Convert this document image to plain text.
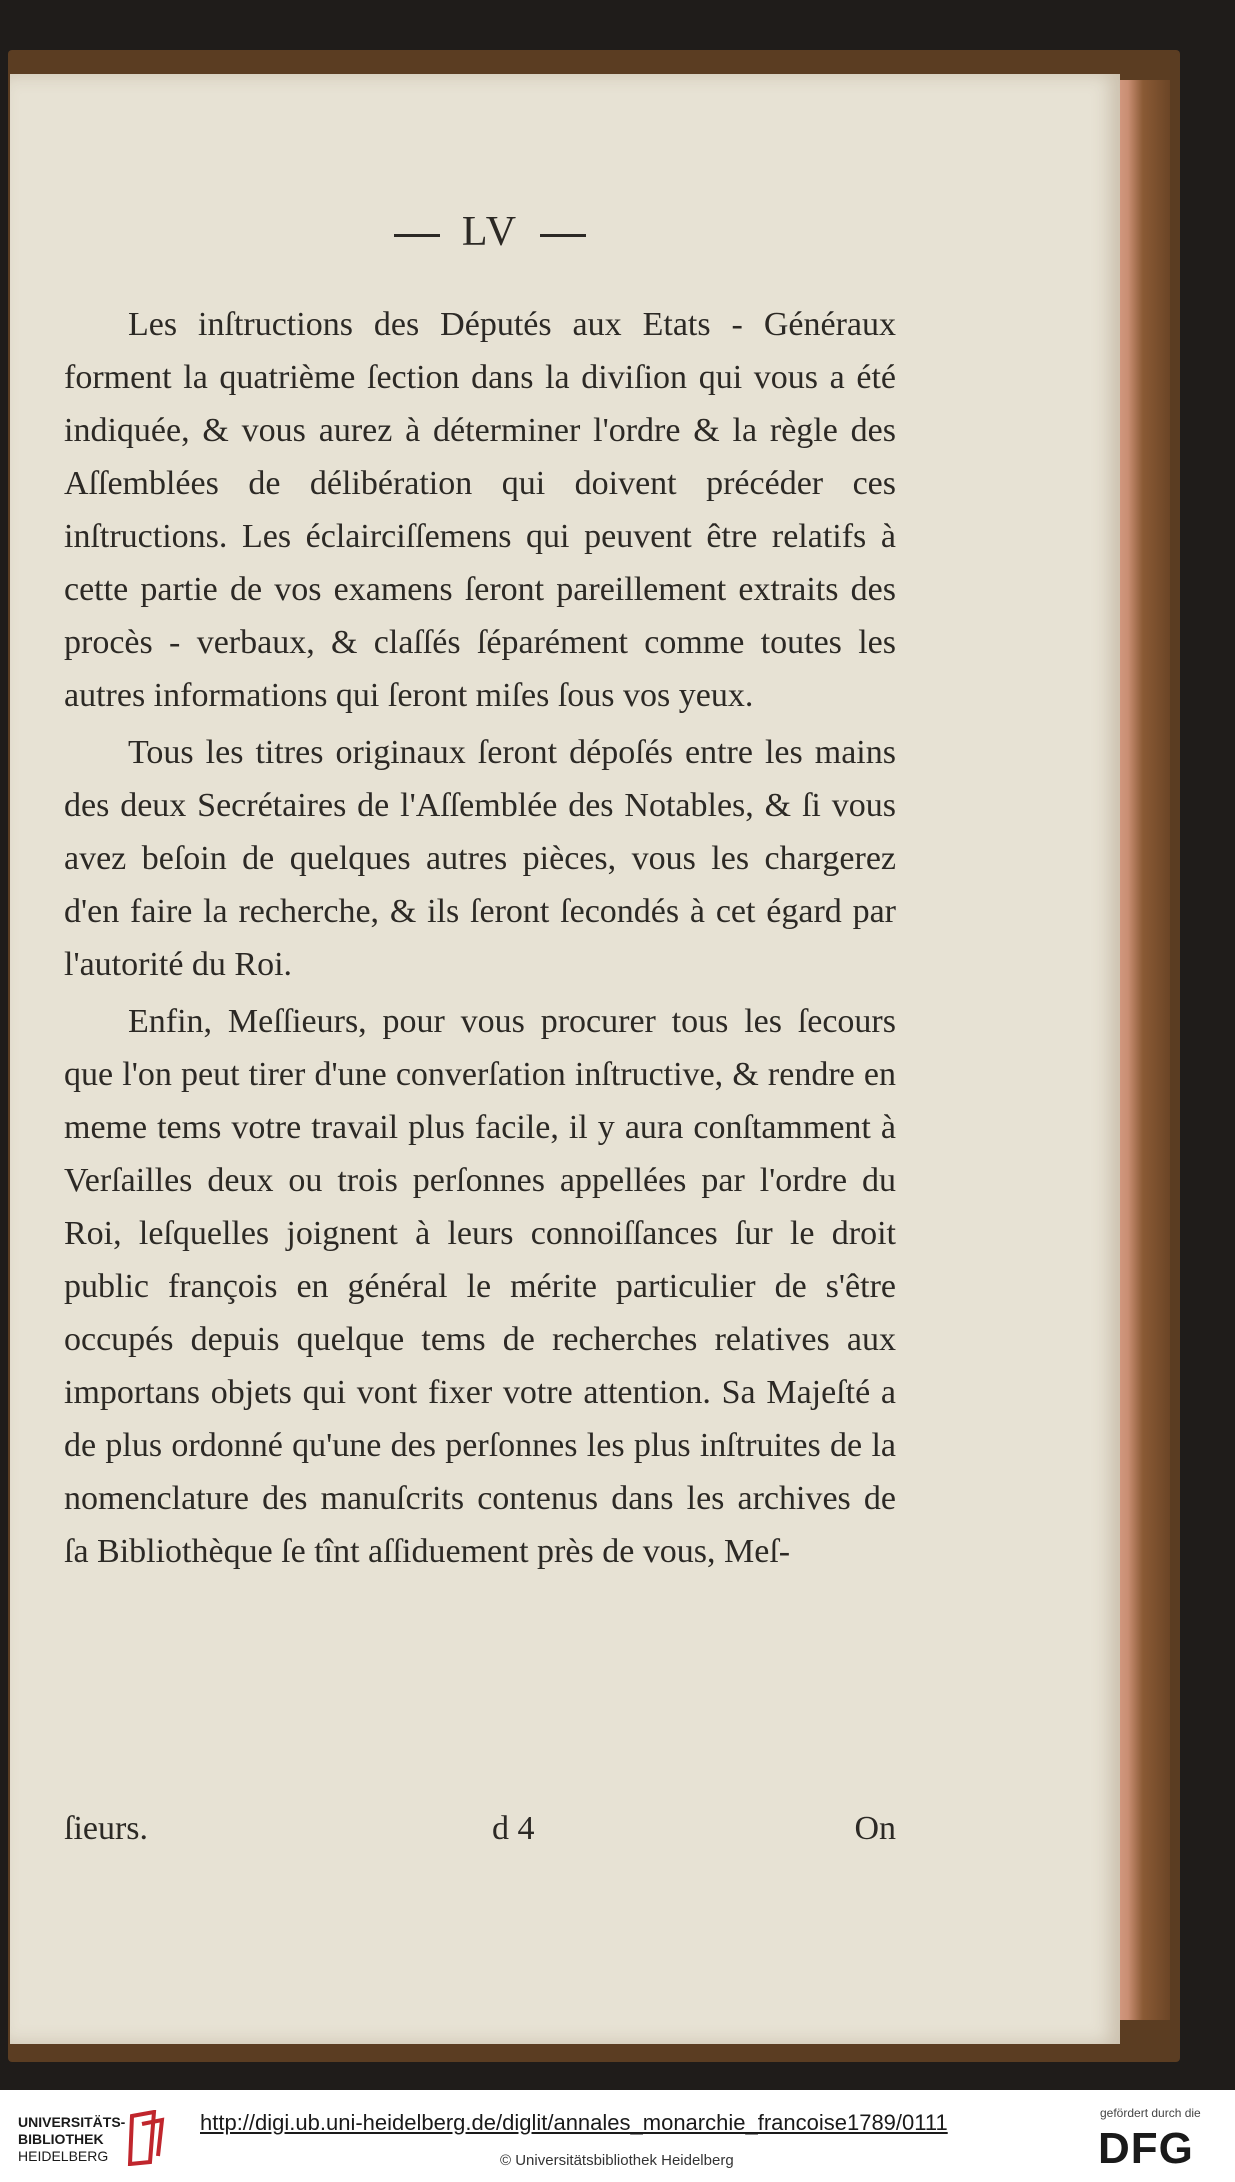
LV

Les inſtructions des Députés aux Etats - Généraux forment la quatrième ſection dans la diviſion qui vous a été indiquée, & vous aurez à déterminer l'ordre & la règle des Aſſemblées de délibération qui doivent précéder ces inſtructions. Les éclairciſſemens qui peuvent être relatifs à cette partie de vos examens ſeront pareillement extraits des procès - verbaux, & claſſés ſéparément comme toutes les autres informations qui ſeront miſes ſous vos yeux.

Tous les titres originaux ſeront dépoſés entre les mains des deux Secrétaires de l'Aſſemblée des Notables, & ſi vous avez beſoin de quelques autres pièces, vous les chargerez d'en faire la recherche, & ils ſeront ſecondés à cet égard par l'autorité du Roi.

Enfin, Meſſieurs, pour vous procurer tous les ſecours que l'on peut tirer d'une converſation inſtructive, & rendre en meme tems votre travail plus facile, il y aura conſtamment à Verſailles deux ou trois perſonnes appellées par l'ordre du Roi, leſquelles joignent à leurs connoiſſances ſur le droit public françois en général le mérite particulier de s'être occupés depuis quelque tems de recherches relatives aux importans objets qui vont fixer votre attention. Sa Majeſté a de plus ordonné qu'une des perſonnes les plus inſtruites de la nomenclature des manuſcrits contenus dans les archives de ſa Bibliothèque ſe tînt aſſiduement près de vous, Meſ-

ſieurs.	d 4	On
UNIVERSITÄTS-
BIBLIOTHEK
HEIDELBERG
http://digi.ub.uni-heidelberg.de/diglit/annales_monarchie_francoise1789/0111
© Universitätsbibliothek Heidelberg
gefördert durch die
DFG
